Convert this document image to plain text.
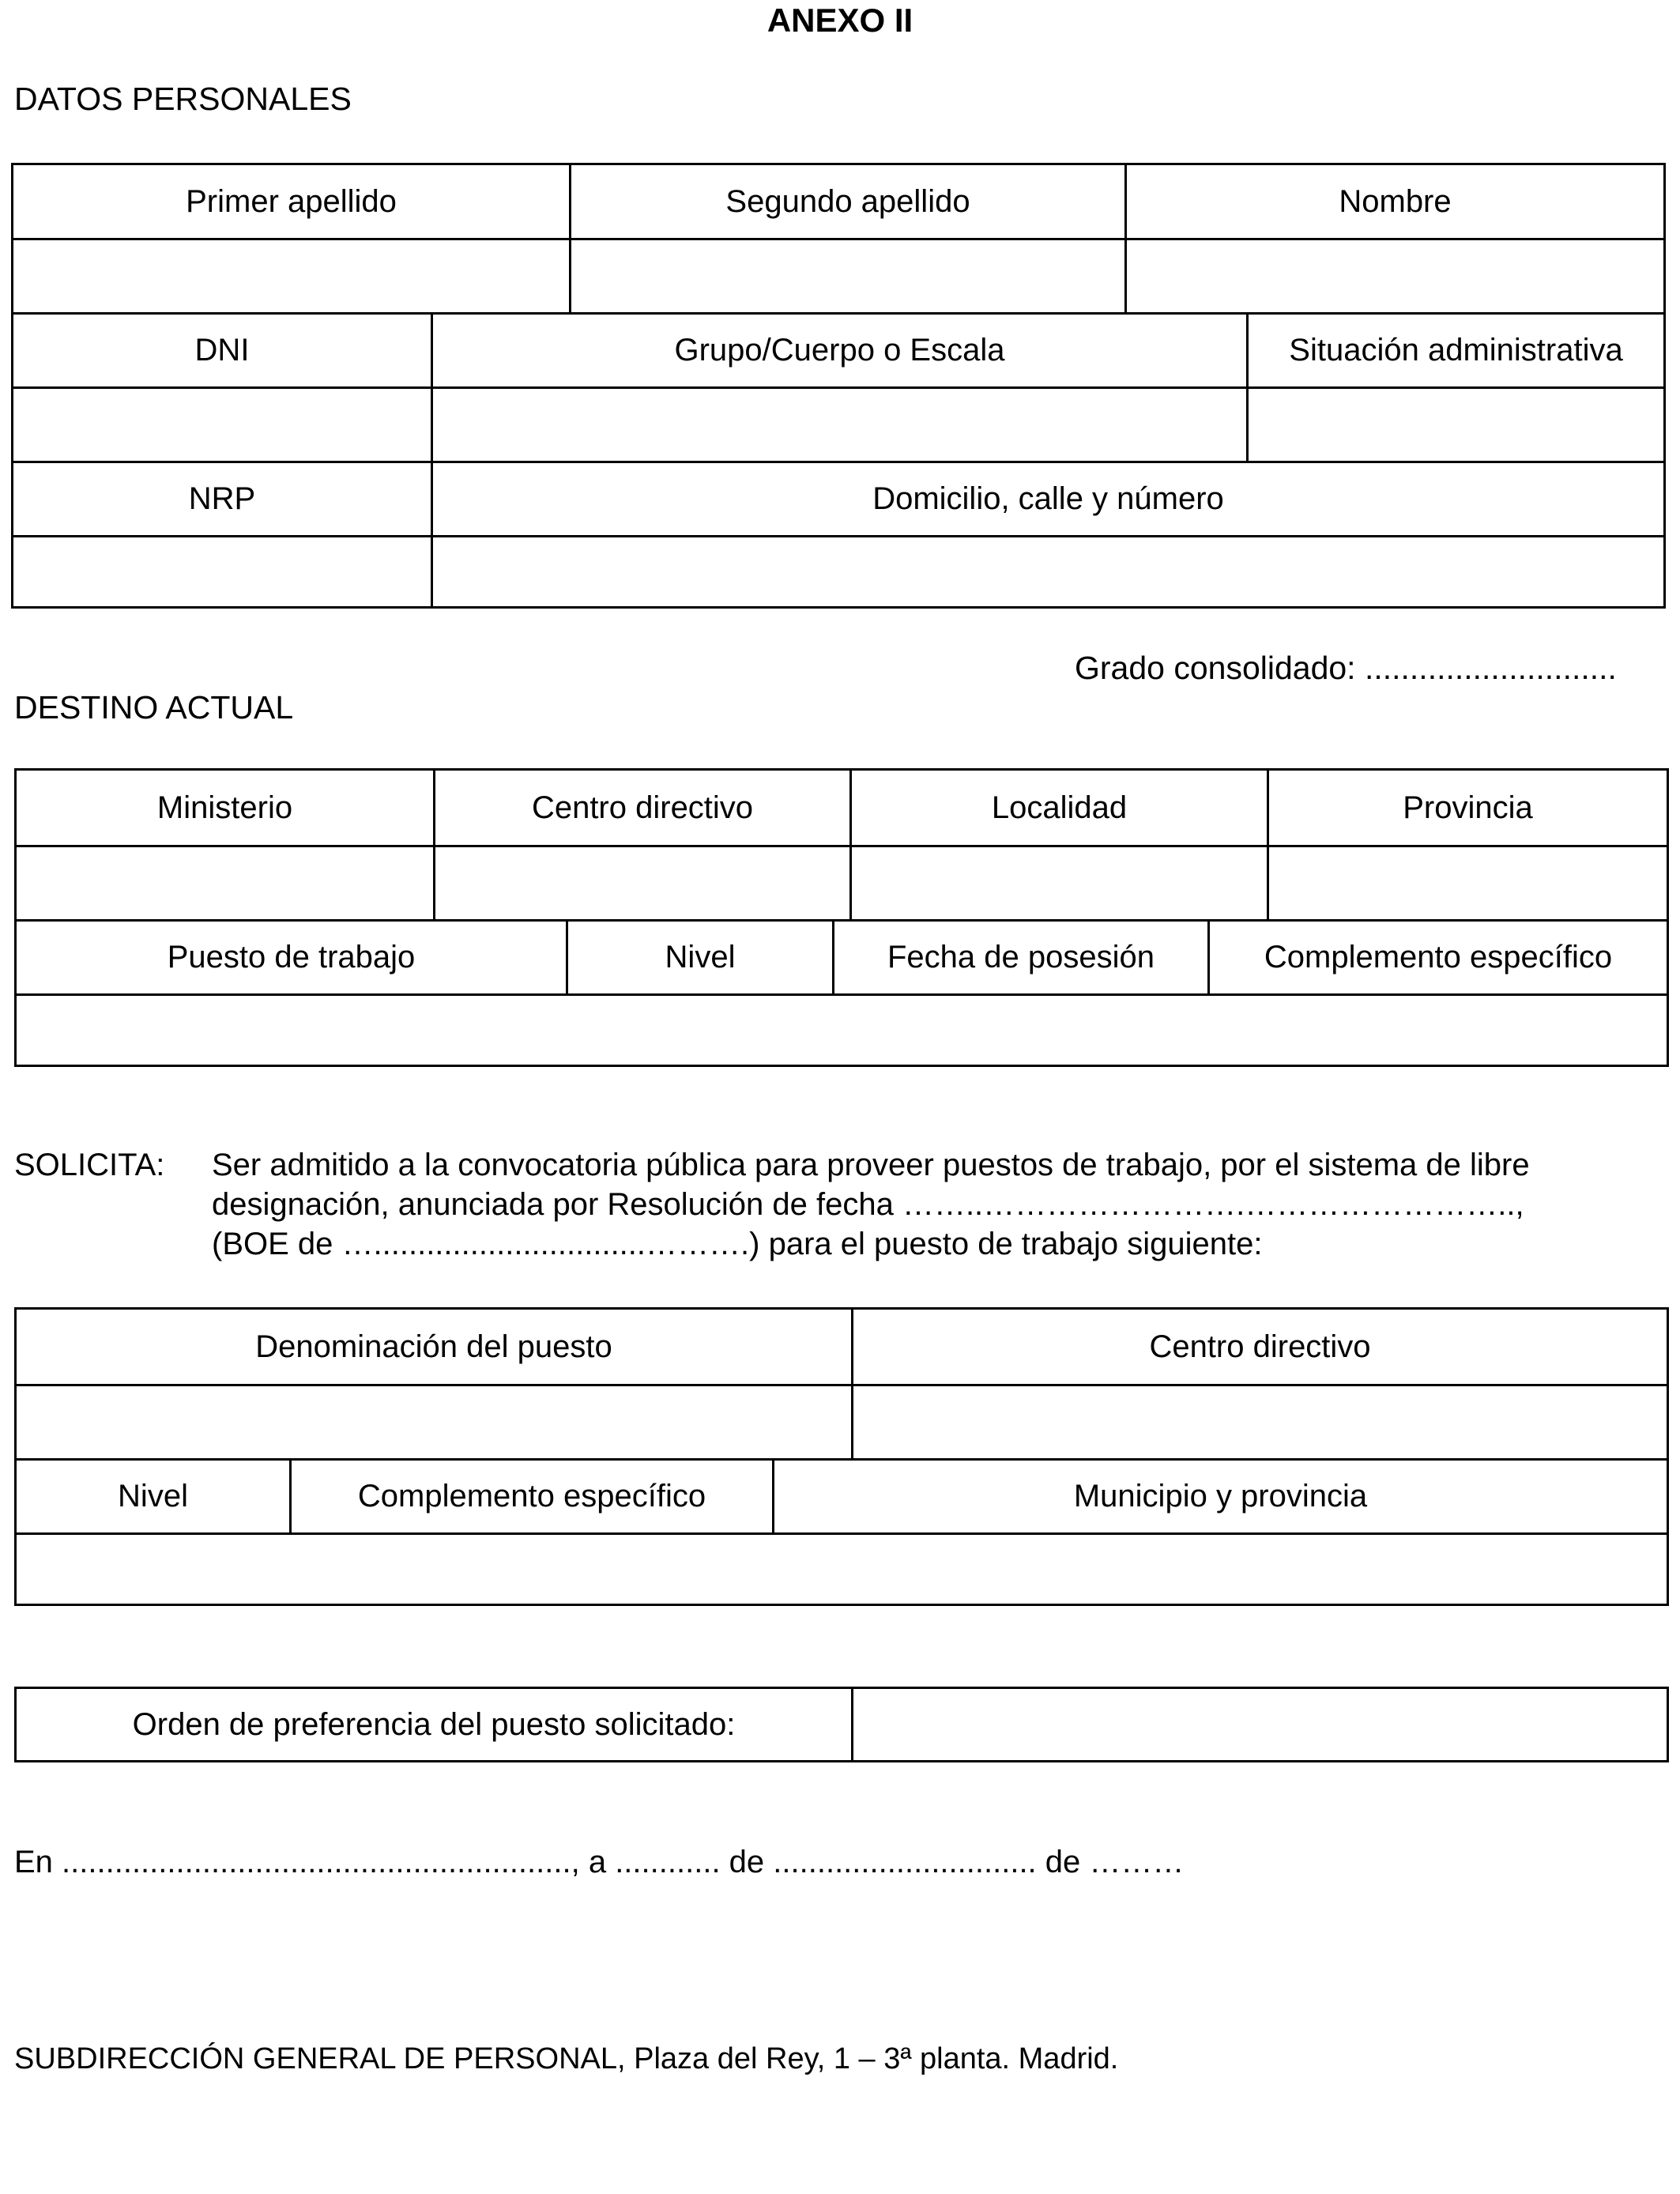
ANEXO II
DATOS PERSONALES
Primer apellido	Segundo apellido	Nombre
DNI	Grupo/Cuerpo o Escala	Situación administrativa
NRP	Domicilio, calle y número
Grado consolidado: ............................
DESTINO ACTUAL
Ministerio	Centro directivo	Localidad	Provincia
Puesto de trabajo	Nivel	Fecha de posesión	Complemento específico
SOLICITA: Ser admitido a la convocatoria pública para proveer puestos de trabajo, por el sistema de libre
designación, anunciada por Resolución de fecha ……..…………………….……………………..,
(BOE de …...............................……….) para el puesto de trabajo siguiente:
Denominación del puesto	Centro directivo
Nivel	Complemento específico	Municipio y provincia
Orden de preferencia del puesto solicitado:
En .........................................................., a ............ de .............................. de ………
SUBDIRECCIÓN GENERAL DE PERSONAL, Plaza del Rey, 1 – 3ª planta. Madrid.
